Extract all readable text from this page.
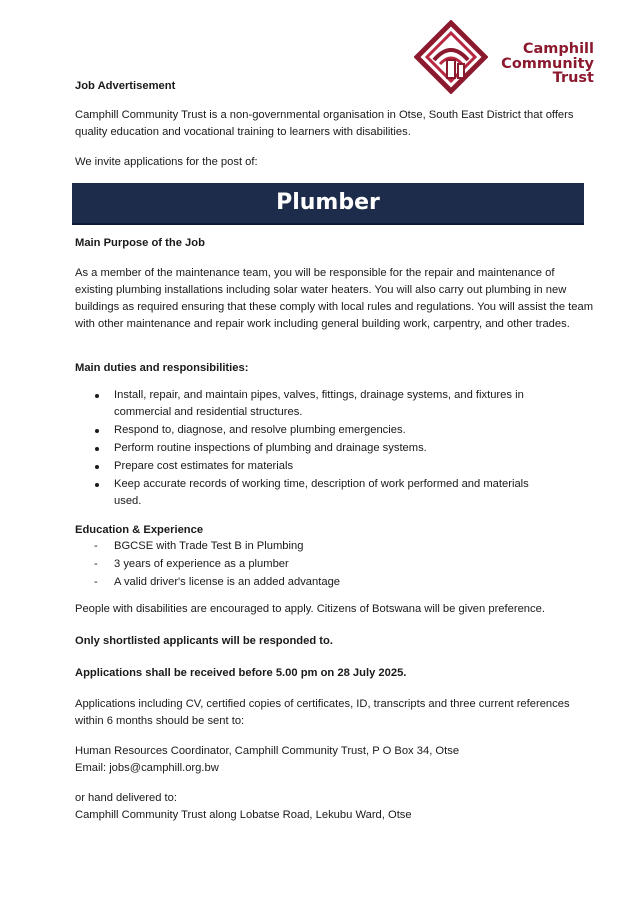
Camphill
Community
Trust
Job Advertisement
Camphill Community Trust is a non-governmental organisation in Otse, South East District that offers quality education and vocational training to learners with disabilities.
We invite applications for the post of:
Plumber
Main Purpose of the Job
As a member of the maintenance team, you will be responsible for the repair and maintenance of existing plumbing installations including solar water heaters. You will also carry out plumbing in new buildings as required ensuring that these comply with local rules and regulations. You will assist the team with other maintenance and repair work including general building work, carpentry, and other trades.
Main duties and responsibilities:
Install, repair, and maintain pipes, valves, fittings, drainage systems, and fixtures in commercial and residential structures.
Respond to, diagnose, and resolve plumbing emergencies.
Perform routine inspections of plumbing and drainage systems.
Prepare cost estimates for materials
Keep accurate records of working time, description of work performed and materials used.
Education & Experience
- BGCSE with Trade Test B in Plumbing
- 3 years of experience as a plumber
- A valid driver's license is an added advantage
People with disabilities are encouraged to apply. Citizens of Botswana will be given preference.
Only shortlisted applicants will be responded to.
Applications shall be received before 5.00 pm on 28 July 2025.
Applications including CV, certified copies of certificates, ID, transcripts and three current references within 6 months should be sent to:
Human Resources Coordinator, Camphill Community Trust, P O Box 34, Otse
Email: jobs@camphill.org.bw
or hand delivered to:
Camphill Community Trust along Lobatse Road, Lekubu Ward, Otse
